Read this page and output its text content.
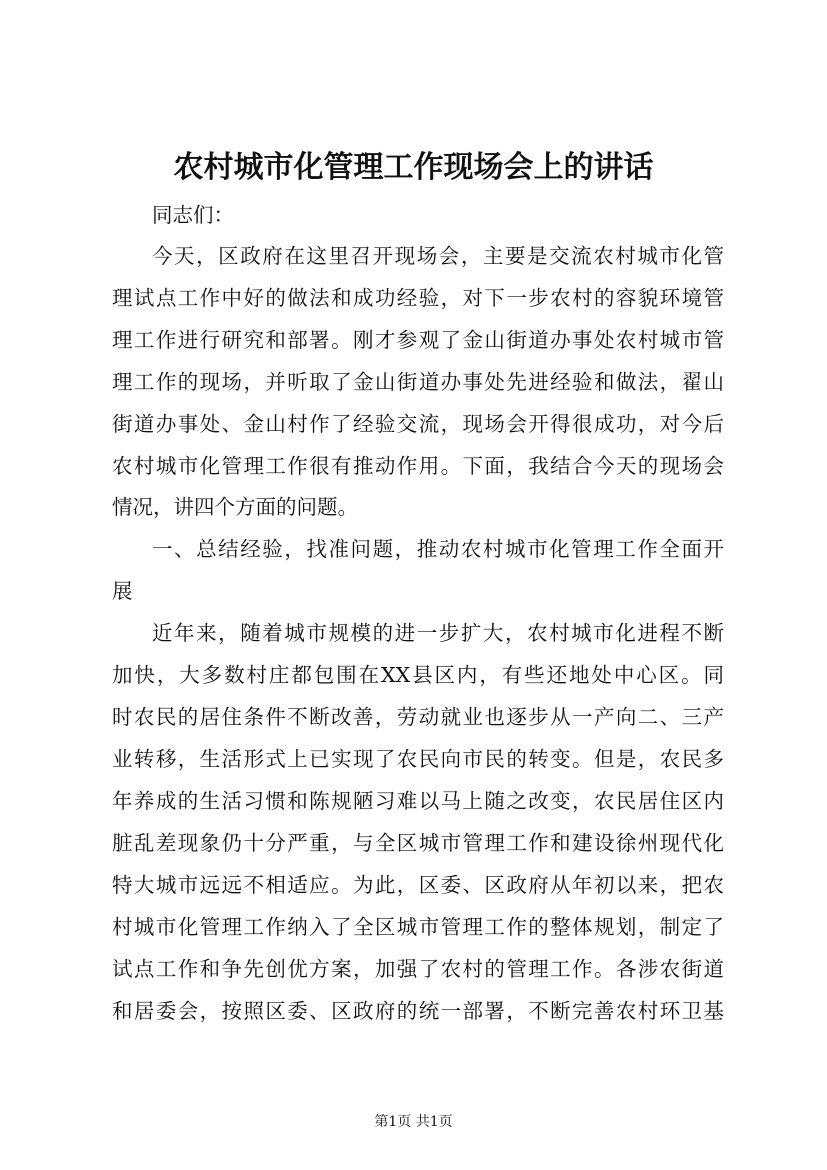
农村城市化管理工作现场会上的讲话

同志们：

今天，区政府在这里召开现场会，主要是交流农村城市化管

理试点工作中好的做法和成功经验，对下一步农村的容貌环境管

理工作进行研究和部署。刚才参观了金山街道办事处农村城市管

理工作的现场，并听取了金山街道办事处先进经验和做法，翟山

街道办事处、金山村作了经验交流，现场会开得很成功，对今后

农村城市化管理工作很有推动作用。下面，我结合今天的现场会

情况，讲四个方面的问题。

一、总结经验，找准问题，推动农村城市化管理工作全面开

展

近年来，随着城市规模的进一步扩大，农村城市化进程不断

加快，大多数村庄都包围在XX县区内，有些还地处中心区。同

时农民的居住条件不断改善，劳动就业也逐步从一产向二、三产

业转移，生活形式上已实现了农民向市民的转变。但是，农民多

年养成的生活习惯和陈规陋习难以马上随之改变，农民居住区内

脏乱差现象仍十分严重，与全区城市管理工作和建设徐州现代化

特大城市远远不相适应。为此，区委、区政府从年初以来，把农

村城市化管理工作纳入了全区城市管理工作的整体规划，制定了

试点工作和争先创优方案，加强了农村的管理工作。各涉农街道

和居委会，按照区委、区政府的统一部署，不断完善农村环卫基

第1页 共1页
